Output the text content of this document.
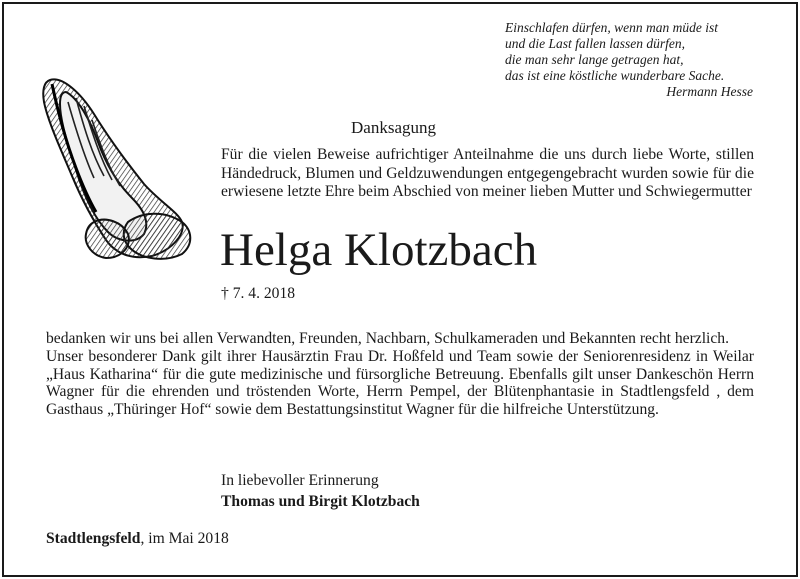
Einschlafen dürfen, wenn man müde ist
und die Last fallen lassen dürfen,
die man sehr lange getragen hat,
das ist eine köstliche wunderbare Sache.
Hermann Hesse
Danksagung
Für die vielen Beweise aufrichtiger Anteilnahme die uns durch liebe Worte, stillen Händedruck, Blumen und Geldzuwendungen entgegengebracht wurden sowie für die erwiesene letzte Ehre beim Abschied von meiner lieben Mutter und Schwiegermutter
Helga Klotzbach
† 7. 4. 2018

bedanken wir uns bei allen Verwandten, Freunden, Nachbarn, Schulkameraden und Bekannten recht herzlich.

Unser besonderer Dank gilt ihrer Hausärztin Frau Dr. Hoßfeld und Team sowie der Seniorenresidenz in Weilar „Haus Katharina“ für die gute medizinische und fürsorgliche Betreuung. Ebenfalls gilt unser Dankeschön Herrn Wagner für die ehrenden und tröstenden Worte, Herrn Pempel, der Blütenphantasie in Stadtlengsfeld , dem Gasthaus „Thüringer Hof“ sowie dem Bestattungsinstitut Wagner für die hilfreiche Unterstützung.

In liebevoller Erinnerung
Thomas und Birgit Klotzbach
Stadtlengsfeld, im Mai 2018
